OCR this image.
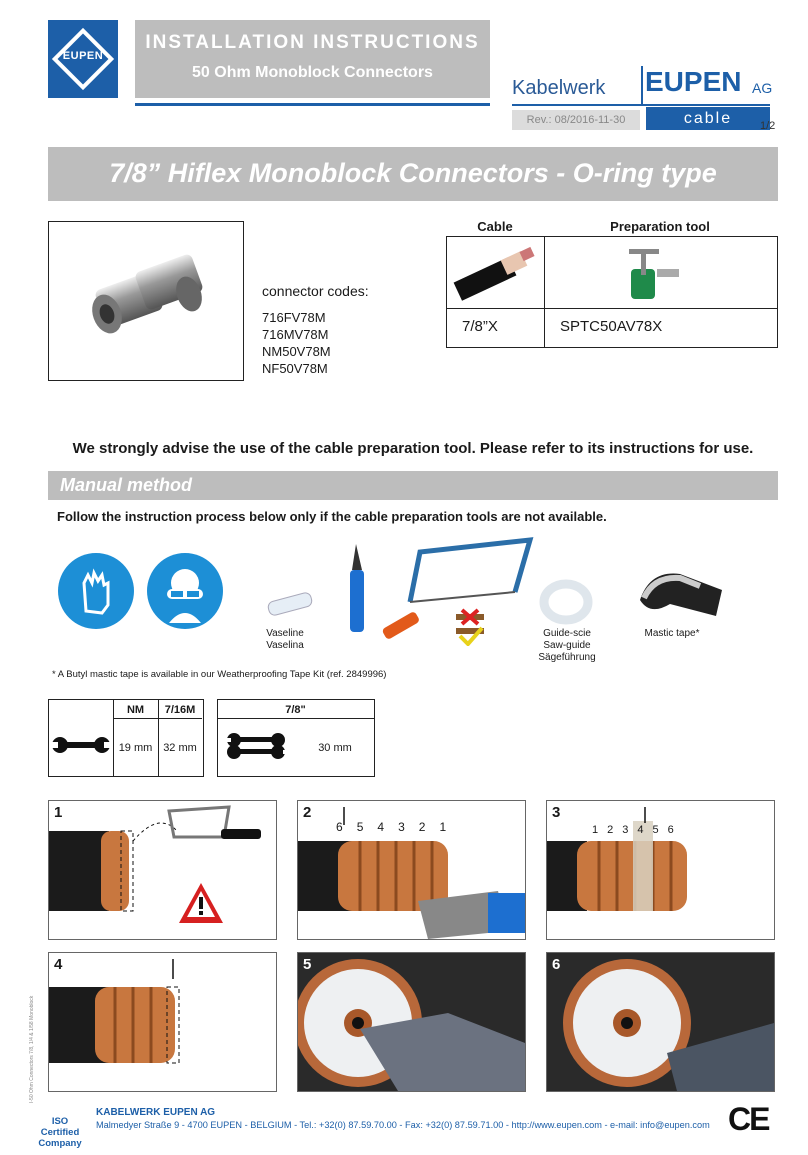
EUPEN
INSTALLATION INSTRUCTIONS
50 Ohm Monoblock Connectors
Kabelwerk EUPEN AG
Rev.: 08/2016-11-30	cable	1/2
7/8” Hiflex Monoblock Connectors - O-ring type
connector codes:
716FV78M
716MV78M
NM50V78M
NF50V78M
Cable	Preparation tool
7/8”X	SPTC50AV78X
We strongly advise the use of the cable preparation tool. Please refer to its instructions for use.
Manual method
Follow the instruction process below only if the cable preparation tools are not available.
Vaseline
Vaselina
Guide-scie
Saw-guide
Sägeführung
Mastic tape*
* A Butyl mastic tape is available in our Weatherproofing Tape Kit (ref. 2849996)
NM	7/16M
19 mm 32 mm
7/8"
30 mm
1	2
6 5 4 3 2 1
3
1 2 3 4 5 6
4	5	6
I-50 Ohm Connectors 7/8, 1/4 & 1/58 Monoblock
ISO
Certified
Company
KABELWERK EUPEN AG
Malmedyer Straße 9 - 4700 EUPEN - BELGIUM - Tel.: +32(0) 87.59.70.00 - Fax: +32(0) 87.59.71.00 - http://www.eupen.com - e-mail: info@eupen.com CE
